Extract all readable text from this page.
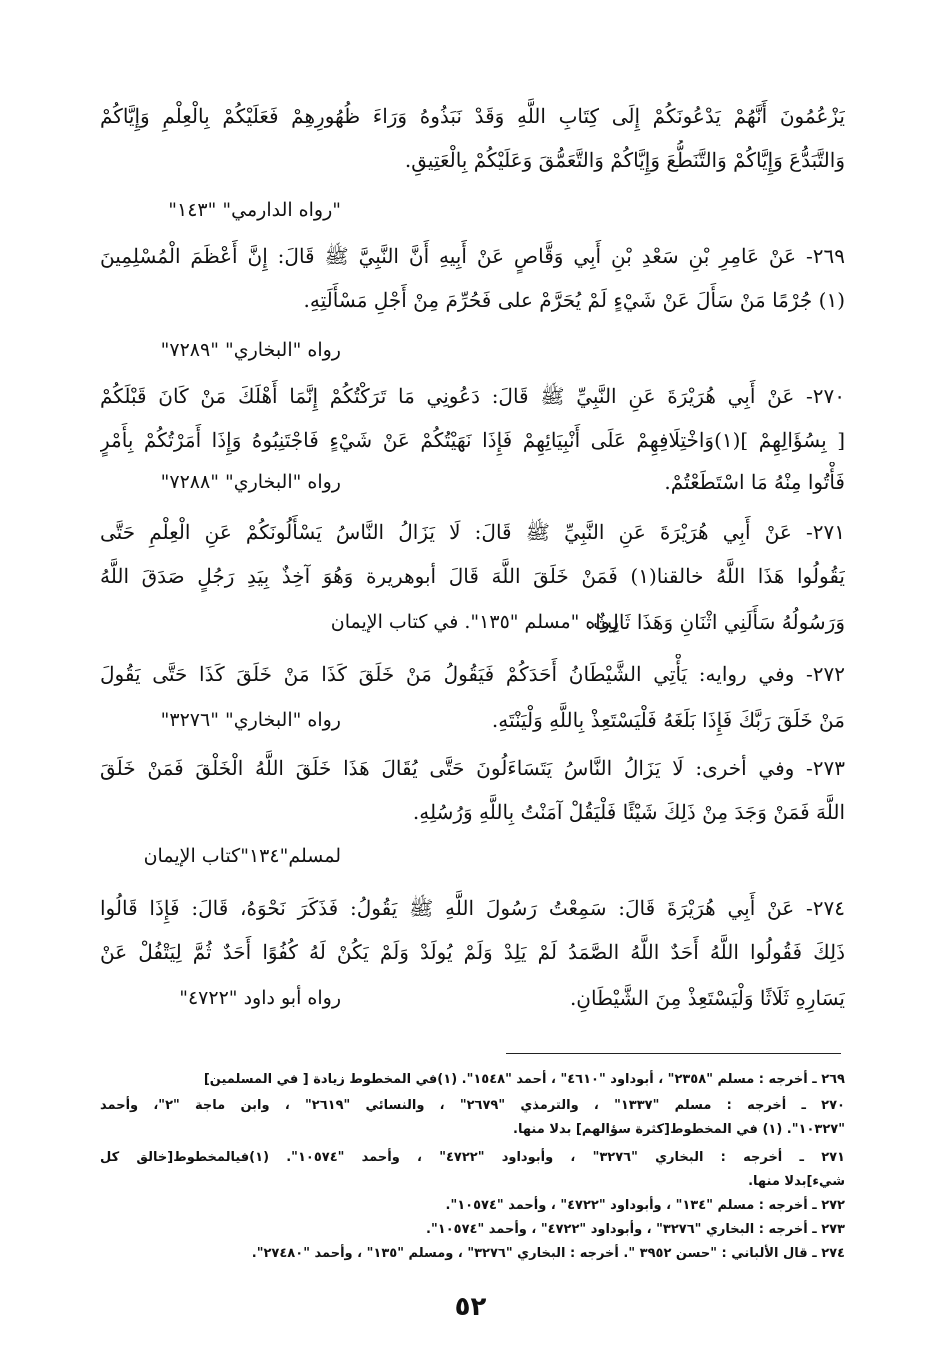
يَزْعُمُونَ أَنَّهُمْ يَدْعُونَكُمْ إِلَى كِتَابِ اللَّهِ وَقَدْ نَبَذُوهُ وَرَاءَ ظُهُورِهِمْ فَعَلَيْكُمْ بِالْعِلْمِ وَإِيَّاكُمْ
وَالتَّبَدُّعَ وَإِيَّاكُمْ وَالتَّنَطُّعَ وَإِيَّاكُمْ وَالتَّعَمُّقَ وَعَلَيْكُمْ بِالْعَتِيقِ.
"رواه الدارمي" "١٤٣"
٢٦٩- عَنْ عَامِرِ بْنِ سَعْدِ بْنِ أَبِي وَقَّاصٍ عَنْ أَبِيهِ أَنَّ النَّبِيَّ ﷺ قَالَ: إِنَّ أَعْظَمَ الْمُسْلِمِينَ
(١) جُرْمًا مَنْ سَأَلَ عَنْ شَيْءٍ لَمْ يُحَرَّمْ على فَحُرِّمَ مِنْ أَجْلِ مَسْأَلَتِهِ.
رواه "البخاري" "٧٢٨٩"
٢٧٠- عَنْ أَبِي هُرَيْرَةَ عَنِ النَّبِيِّ ﷺ قَالَ: دَعُونِي مَا تَرَكْتُكُمْ إِنَّمَا أَهْلَكَ مَنْ كَانَ قَبْلَكُمْ
[ بِسُؤَالِهِمْ ](١)وَاخْتِلَافِهِمْ عَلَى أَنْبِيَائِهِمْ فَإِذَا نَهَيْتُكُمْ عَنْ شَيْءٍ فَاجْتَنِبُوهُ وَإِذَا أَمَرْتُكُمْ بِأَمْرٍ
فَأْتُوا مِنْهُ مَا اسْتَطَعْتُمْ.
رواه "البخاري" "٧٢٨٨"
٢٧١- عَنْ أَبِي هُرَيْرَةَ عَنِ النَّبِيِّ ﷺ قَالَ: لَا يَزَالُ النَّاسُ يَسْأَلُونَكُمْ عَنِ الْعِلْمِ حَتَّى
يَقُولُوا هَذَا اللَّهُ خالقنا(١) فَمَنْ خَلَقَ اللَّهَ قَالَ أبوهريرة وَهُوَ آخِذٌ بِيَدِ رَجُلٍ صَدَقَ اللَّهُ
وَرَسُولُهُ سَأَلَنِي اثْنَانِ وَهَذَا ثَالِثٌ.
رواه "مسلم "١٣٥". في كتاب الإيمان
٢٧٢- وفي روايه: يَأْتِي الشَّيْطَانُ أَحَدَكُمْ فَيَقُولُ مَنْ خَلَقَ كَذَا مَنْ خَلَقَ كَذَا حَتَّى يَقُولَ
مَنْ خَلَقَ رَبَّكَ فَإِذَا بَلَغَهُ فَلْيَسْتَعِذْ بِاللَّهِ وَلْيَنْتَهِ.
رواه "البخاري" "٣٢٧٦"
٢٧٣- وفي أخرى: لَا يَزَالُ النَّاسُ يَتَسَاءَلُونَ حَتَّى يُقَالَ هَذَا خَلَقَ اللَّهُ الْخَلْقَ فَمَنْ خَلَقَ
اللَّهَ فَمَنْ وَجَدَ مِنْ ذَلِكَ شَيْئًا فَلْيَقُلْ آمَنْتُ بِاللَّهِ وَرُسُلِهِ.
لمسلم"١٣٤"كتاب الإيمان
٢٧٤- عَنْ أَبِي هُرَيْرَةَ قَالَ: سَمِعْتُ رَسُولَ اللَّهِ ﷺ يَقُولُ: فَذَكَرَ نَحْوَهُ، قَالَ: فَإِذَا قَالُوا
ذَلِكَ فَقُولُوا اللَّهُ أَحَدٌ اللَّهُ الصَّمَدُ لَمْ يَلِدْ وَلَمْ يُولَدْ وَلَمْ يَكُنْ لَهُ كُفُوًا أَحَدٌ ثُمَّ لِيَتْفُلْ عَنْ
يَسَارِهِ ثَلَاثًا وَلْيَسْتَعِذْ مِنَ الشَّيْطَانِ.
رواه أبو داود "٤٧٢٢"
٢٦٩ ـ أخرجه : مسلم "٢٣٥٨" ، أبوداود "٤٦١٠" ، أحمد "١٥٤٨". (١)في المخطوط زيادة [ في المسلمين]
٢٧٠ ـ أخرجه : مسلم "١٣٣٧" ، والترمذي "٢٦٧٩" ، والنسائي "٢٦١٩" ، وابن ماجة "٢"، وأحمد
"١٠٣٢٧". (١) في المخطوط[كثرة سؤالهم] بدلا منها.
٢٧١ ـ أخرجه : البخاري "٣٢٧٦" ، وأبوداود "٤٧٢٢" ، وأحمد "١٠٥٧٤". (١)فيالمخطوط[خالق كل
شيء]بدلا منها.
٢٧٢ ـ أخرجه : مسلم "١٣٤" ، وأبوداود "٤٧٢٢" ، وأحمد "١٠٥٧٤".
٢٧٣ ـ أخرجه : البخاري "٣٢٧٦" ، وأبوداود "٤٧٢٢" ، وأحمد "١٠٥٧٤".
٢٧٤ ـ قال الألباني : "حسن ٣٩٥٢ ". أخرجه : البخاري "٣٢٧٦" ، ومسلم "١٣٥" ، وأحمد "٢٧٤٨٠".
٥٢
